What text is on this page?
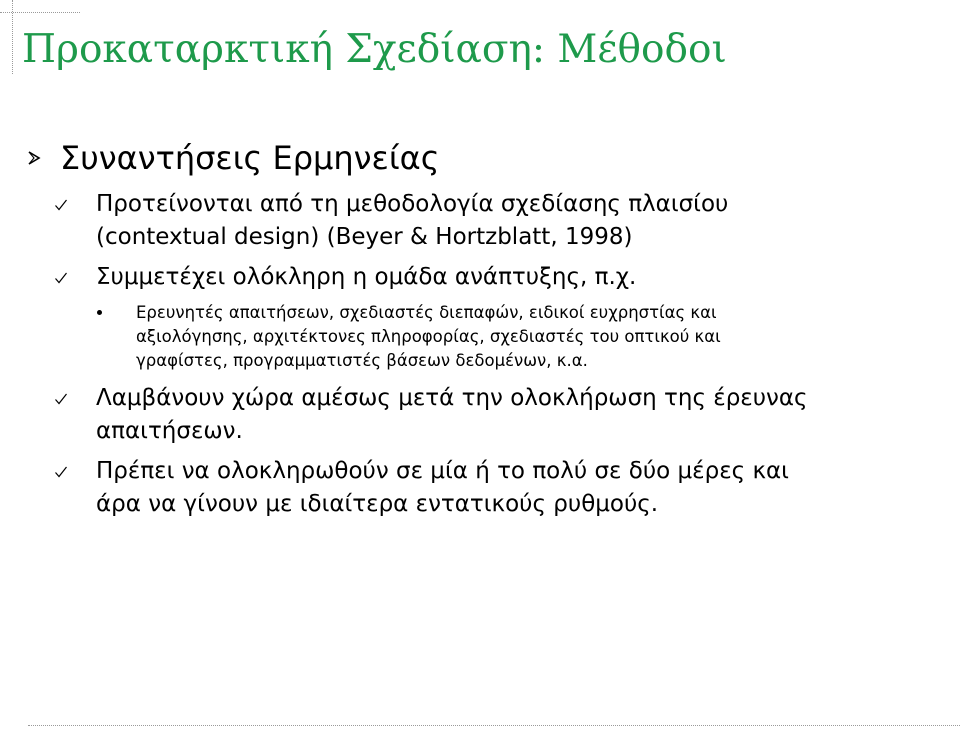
Προκαταρκτική Σχεδίαση: Μέθοδοι
Συναντήσεις Ερμηνείας
Προτείνονται από τη μεθοδολογία σχεδίασης πλαισίου
(contextual design) (Beyer & Hortzblatt, 1998)
Συμμετέχει ολόκληρη η ομάδα ανάπτυξης, π.χ.
Ερευνητές απαιτήσεων, σχεδιαστές διεπαφών, ειδικοί ευχρηστίας και
αξιολόγησης, αρχιτέκτονες πληροφορίας, σχεδιαστές του οπτικού και
γραφίστες, προγραμματιστές βάσεων δεδομένων, κ.α.
Λαμβάνουν χώρα αμέσως μετά την ολοκλήρωση της έρευνας
απαιτήσεων.
Πρέπει να ολοκληρωθούν σε μία ή το πολύ σε δύο μέρες και
άρα να γίνουν με ιδιαίτερα εντατικούς ρυθμούς.
